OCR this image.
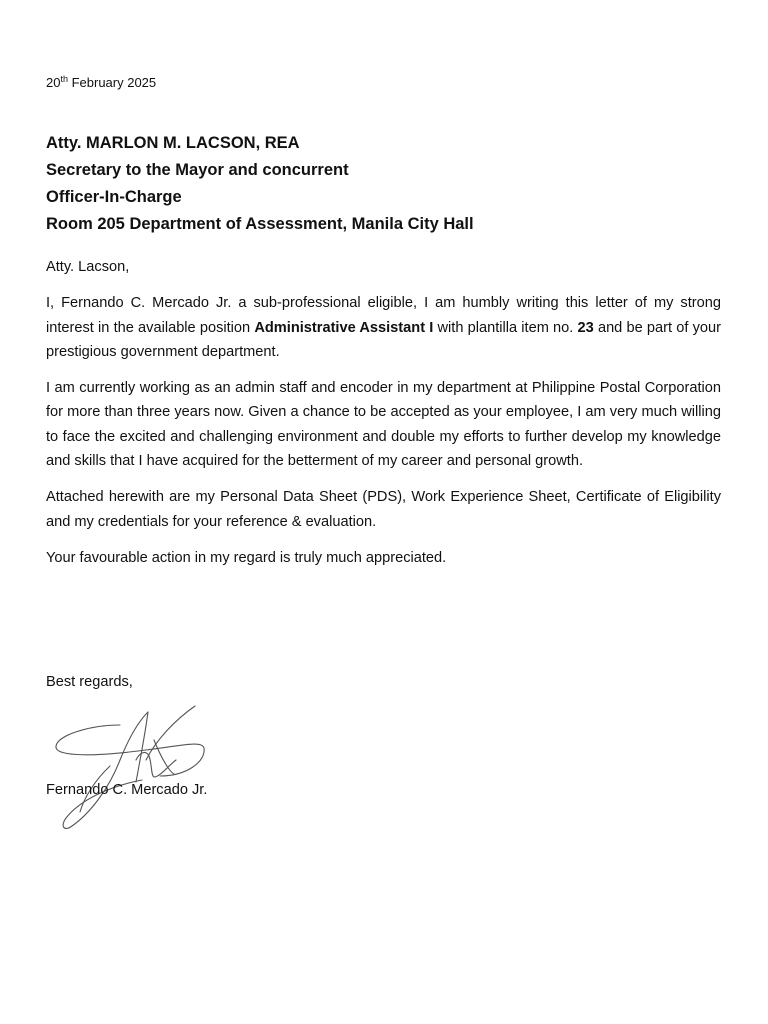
20th February 2025
Atty. MARLON M. LACSON, REA
Secretary to the Mayor and concurrent
Officer-In-Charge
Room 205 Department of Assessment, Manila City Hall

Atty. Lacson,

I, Fernando C. Mercado Jr. a sub-professional eligible, I am humbly writing this letter of my strong interest in the available position Administrative Assistant I with plantilla item no. 23 and be part of your prestigious government department.

I am currently working as an admin staff and encoder in my department at Philippine Postal Corporation for more than three years now. Given a chance to be accepted as your employee, I am very much willing to face the excited and challenging environment and double my efforts to further develop my knowledge and skills that I have acquired for the betterment of my career and personal growth.

Attached herewith are my Personal Data Sheet (PDS), Work Experience Sheet, Certificate of Eligibility and my credentials for your reference & evaluation.

Your favourable action in my regard is truly much appreciated.

Best regards,
Fernando C. Mercado Jr.
